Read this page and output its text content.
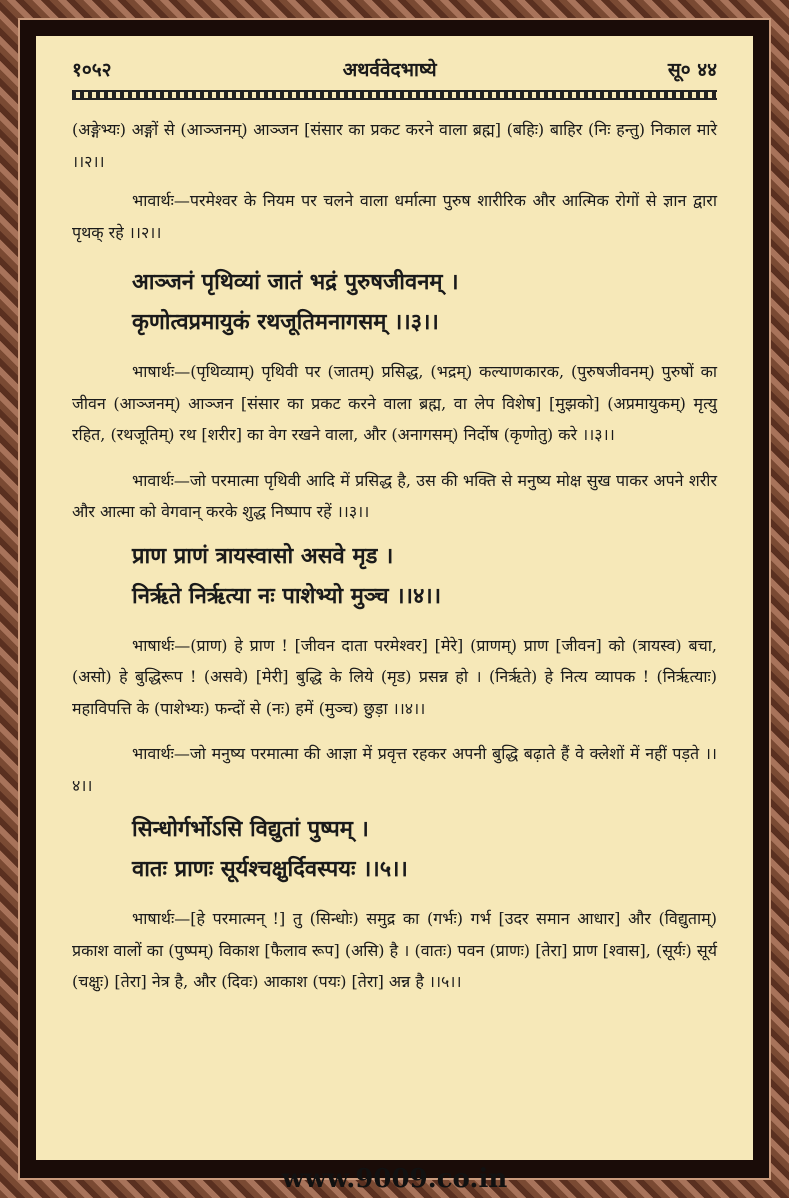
१०५२	अथर्ववेदभाष्ये	सू० ४४

(अङ्गेभ्यः) अङ्गों से (आञ्जनम्) आञ्जन [संसार का प्रकट करने वाला ब्रह्म] (बहिः) बाहिर (निः हन्तु) निकाल मारे ।।२।।

भावार्थः—परमेश्वर के नियम पर चलने वाला धर्मात्मा पुरुष शारीरिक और आत्मिक रोगों से ज्ञान द्वारा पृथक् रहे ।।२।।

आञ्जनं पृथिव्यां जातं भद्रं पुरुषजीवनम् ।

कृणोत्वप्रमायुकं रथजूतिमनागसम् ।।३।।

भाषार्थः—(पृथिव्याम्) पृथिवी पर (जातम्) प्रसिद्ध, (भद्रम्) कल्याणकारक, (पुरुषजीवनम्) पुरुषों का जीवन (आञ्जनम्) आञ्जन [संसार का प्रकट करने वाला ब्रह्म, वा लेप विशेष] [मुझको] (अप्रमायुकम्) मृत्यु रहित, (रथजूतिम्) रथ [शरीर] का वेग रखने वाला, और (अनागसम्) निर्दोष (कृणोतु) करे ।।३।।

भावार्थः—जो परमात्मा पृथिवी आदि में प्रसिद्ध है, उस की भक्ति से मनुष्य मोक्ष सुख पाकर अपने शरीर और आत्मा को वेगवान् करके शुद्ध निष्पाप रहें ।।३।।

प्राण प्राणं त्रायस्वासो असवे मृड ।

निर्ऋते निर्ऋत्या नः पाशेभ्यो मुञ्च ।।४।।

भाषार्थः—(प्राण) हे प्राण ! [जीवन दाता परमेश्वर] [मेरे] (प्राणम्) प्राण [जीवन] को (त्रायस्व) बचा, (असो) हे बुद्धिरूप ! (असवे) [मेरी] बुद्धि के लिये (मृड) प्रसन्न हो । (निर्ऋते) हे नित्य व्यापक ! (निर्ऋत्याः) महाविपत्ति के (पाशेभ्यः) फन्दों से (नः) हमें (मुञ्च) छुड़ा ।।४।।

भावार्थः—जो मनुष्य परमात्मा की आज्ञा में प्रवृत्त रहकर अपनी बुद्धि बढ़ाते हैं वे क्लेशों में नहीं पड़ते ।।४।।

सिन्धोर्गर्भोऽसि विद्युतां पुष्पम् ।

वातः प्राणः सूर्यश्चक्षुर्दिवस्पयः ।।५।।

भाषार्थः—[हे परमात्मन् !] तु (सिन्धोः) समुद्र का (गर्भः) गर्भ [उदर समान आधार] और (विद्युताम्) प्रकाश वालों का (पुष्पम्) विकाश [फैलाव रूप] (असि) है । (वातः) पवन (प्राणः) [तेरा] प्राण [श्वास], (सूर्यः) सूर्य (चक्षुः) [तेरा] नेत्र है, और (दिवः) आकाश (पयः) [तेरा] अन्न है ।।५।।

www.9009.co.in
